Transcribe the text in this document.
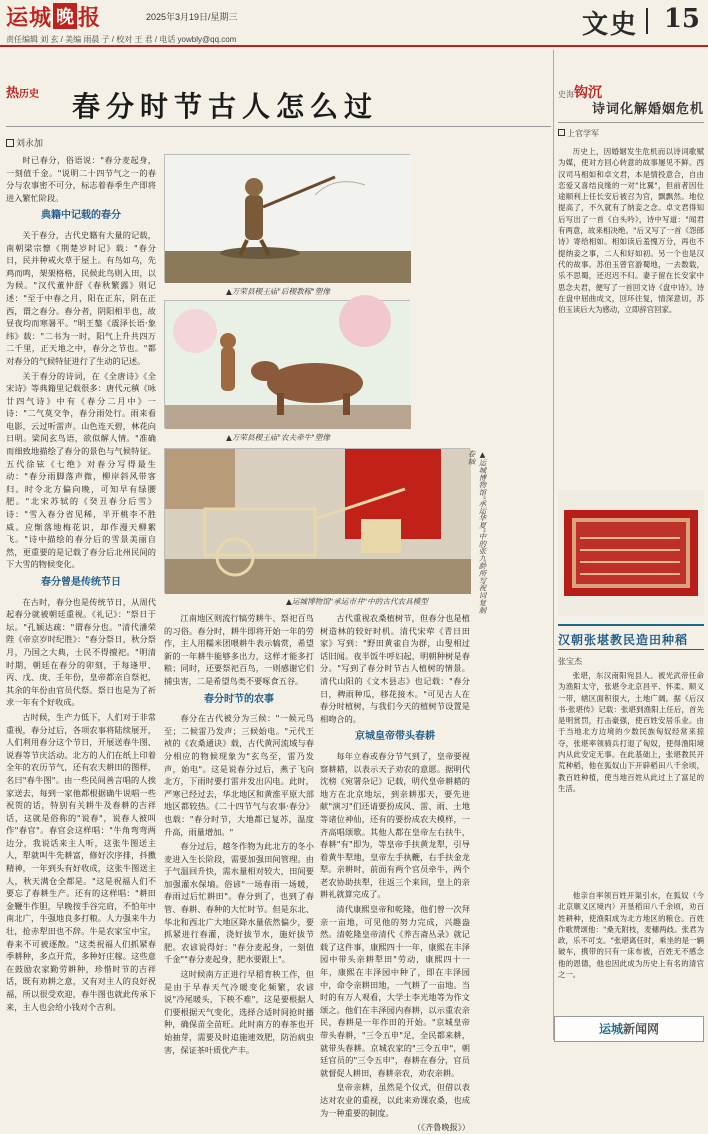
运城 晚 报	2025年3月19日/星期三	文史 15
责任编辑 刘 玄 / 美编 雨晨 子 / 校对 王 君 / 电话 yowbly@qq.com
热历史 春分时节古人怎么过
刘永加

时已春分，俗语说："春分麦起身，一刻值千金。"说明二十四节气之一的春分与农事密不可分，标志着春季生产即将进入繁忙阶段。

典籍中记载的春分

关于春分，古代史籍有大量的记载，南朝梁宗懔《荆楚岁时记》载："春分日，民并种戒火草于屋上。有鸟如乌，先鸡而鸣，架架格格，民候此鸟则入田，以为候。"汉代董仲舒《春秋繁露》则记述："至于中春之月，阳在正东，阴在正西，谓之春分。春分者，阴阳相半也，故昼夜均而寒暑平。"明王鏊《震泽长语·象纬》载："二书为一时，阳气上升共四万二千里，正天地之中，春分之节也。"都对春分的气候特征进行了生动的记述。

关于春分的诗词，在《全唐诗》《全宋诗》等典籍里记载很多：唐代元稹《咏廿四气诗》中有《春分二月中》一诗："二气莫交争，春分雨处行。雨来看电影，云过听雷声。山色连天碧，林花向日明。梁间玄鸟语，欲似解人情。"准确而细致地描绘了春分的景色与气候特征。五代徐铉《七绝》对春分写得最生动："春分雨脚落声微，柳岸斜风带客归。时令北方偏向晚，可知早有绿腰肥。"北宋苏轼的《癸丑春分后雪》诗："雪入春分省见稀，半开桃李不胜威。应惭落地梅花识，却作漫天柳絮飞。"诗中描绘的春分后的雪景美丽自然，更重要的是记载了春分后北州民间的下大雪的物候变化。

春分曾是传统节日

在古时，春分也是传统节日，从周代起春分就被朝廷重视。《礼记》："祭日于坛。"孔颖达疏："谓春分也。"清代潘荣陛《帝京岁时纪胜》："春分祭日，秋分祭月，乃国之大典，士民不得擅祀。"明清时期，朝廷在春分的卯刻，于每逢甲、丙、戊、庚、壬年份，皇帝都亲自祭祀，其余的年份由官员代祭。祭日也是为了祈求一年有个好收成。

古时候，生产力低下，人们对于非常重视，春分过后，各项农事将陆续展开，人们利用春分这个节日，开展送春牛图、说春等节庆活动。北方的人们在纸上印着全年的农历节气，还有农夫耕田的图样，名曰"春牛图"。由一些民间善言唱的人挨家送去，每到一家他都根据确牛说唱一些祝贺的话，特别有关耕牛及春耕的吉祥话，这就是俗称的"说春"，说春人被叫作"春官"。春官会这样唱："牛角弯弯两边分，我说话来主人听，这张牛图送主人，犁就叫牛先耕富，修好次序排，抖擞精神，一年到头有好收成，这张牛图送主人，秋天满仓全都是。"这是祝福人们不要忘了春耕生产。还有的这样唱："耕田金鞭牛作胆，早晚按手谷完肩，不怕年中南北广，牛强地良多打粮。人力强来牛力壮，抢赤犁田也不辞。牛是农家宝中宝，春来不可被逐散。"这类祝福人们抓紧春季耕种，多点开荒，多种好庄稼。这些意在鼓励农家勤劳耕种，珍惜时节的吉祥话，既有劝耕之意，又有对主人的良好祝福，所以很受欢迎，春牛图也就此传承下来，主人也会给小钱对个吉利。

▲万荣县稷王庙"后稷教稼"塑像
▲万荣县稷王庙"农夫牵牛"塑像
▲运城博物馆"承运市井"中的古代农具模型	▲运城博物馆"承运华夏"中的张九龄所写祝词复制卷轴

江南地区则流行犒劳耕牛、祭祀百鸟的习俗。春分时，耕牛即将开始一年的劳作，主人用糯米团喂耕牛表示犒赏，希望新的一年耕牛能够多出力，这样才能多打粮；同时，还要祭祀百鸟，一则感谢它们捕虫害，二是希望鸟类不要啄食五谷。

春分时节的农事

春分在古代被分为三候："一候元鸟至；二候雷乃发声；三候始电。"元代王祯的《农桑通诀》载，古代黄河流域与春分相应的物候现象为"玄鸟至，雷乃发声，始电"。这是说春分过后，燕子飞向北方，下雨时要打雷并发出闪电。此时，严寒已经过去，华北地区和黄淮平原大部地区都较热。《二十四节气与农事·春分》也载："春分时节，大地都已复苏，温度升高，雨量增加。"

春分过后，越冬作物为此北方的冬小麦进入生长阶段，需要加强田间管理。由于气温回升快，需水量相对较大，田间要加强灌水保墒。俗谚"一场春雨一场暖，春雨过后忙耕田"。春分到了，也到了春管、春耕、春种的大忙时节。但是东北、华北和西北广大地区降水量依然偏少，要抓紧进行春灌，浇好拔节水，施好拔节肥。农谚说得好："春分麦起身，一刻值千金""春分麦起身，肥水要跟上"。

这时候南方正进行早稻育秧工作，但是由于早春天气冷暖变化频繁，农谚说"冷尾暖头，下秧不难"，这是要根据人们要根据天气变化，选择合适时间抢时播种，确保苗全苗旺。此时南方的春茶也开始抽芽，需要及时追施速效肥，防治病虫害，保证茶叶质优产丰。

古代重视农桑植树节，但春分也是植树造林的较好时机。清代宋荦《青日田家》写到："野田黄雀自为群，山叟相过话旧闻。夜半饭牛呼妇起，明朝种树是春分。"写到了春分时节古人植树的情景。清代山阳的《文木县志》也记载："春分日，稗雨种瓜，移花接木。"可见古人在春分时植树，与我们今天的植树节设置是相吻合的。

京城皇帝带头春耕

每年立春或春分节气到了，皇帝要视察耕耤，以表示天子劝农的意愿。据明代沈榜《宛署杂记》记载，明代皇帝耕耤的地方在北京地坛，到亲耕那天，要先进献"演习"们还请要扮成风、雷、雨、土地等诸位神仙，还有的要扮成农夫模样，一齐高唱颂歌。其他人都在皇帝左右扶牛，春耕"有"即为，等皇帝手扶黄龙犁，引导着黄牛犁地，皇帝左手执鞭，右手扶金龙犁。亲耕时，前面有两个官员牵牛，两个老农协助扶犁，往返三个来回，皇上的亲耕礼就算完成了。

清代康熙皇帝和乾隆，他们曾一次拜亲一亩地，可见他的努力完成，兴趣盎然。清乾隆皇帝清代《养吉斋丛录》就记载了这件事，康熙四十一年，康熙在丰泽园中带头亲耕犁田"劳动，康熙四十一年，康熙在丰泽园中种了，即在丰泽园中，命令亲耕田地，一气耕了一亩地。当时的有万人观看，大学士李光地等为作文颂之。他们在丰泽园内春耕，以示重农亲民，春耕是一年作田的开始。"京城皇帝带头春耕，"三令五申"足，全民都来耕，就带头春耕。京城农家的"三令五申"，朝廷官员的"三令五申"，春耕在春分，官员就督促人耕田，春耕亲农，劝农亲耕。

皇帝亲耕，虽然是个仪式，但借以表达对农业的重视，以此来劝课农桑，也成为一种重要的制度。

（《齐鲁晚报》）

史海钩沉
诗词化解婚姻危机
上官学军

历史上，因婚姻发生危机而以诗词歌赋为媒，使对方回心转意的故事屡见不鲜。西汉司马相如和卓文君，本是情投意合，自由恋爱又喜结良缘的一对"比翼"，但前者因仕途顺利上任长安后被召为官，飘飘然。地位提高了，不久就有了纳妾之念。卓文君得知后写出了一首《白头吟》，诗中写道："闻君有两意，故来相决绝。"后又写了一首《怨郎诗》寄给相如。相如读后羞愧万分，再也不提纳妾之事，二人和好如初。另一个也是汉代的故事。苏伯玉曾官游蜀地，一去数载，乐不思蜀，还迟迟不归。妻子留在长安家中思念夫君，便写了一首回文诗《盘中诗》。诗在盘中屈曲成文，回环往复，情深意切，苏伯玉读后大为感动，立即辞官回家。

汉朝张堪教民造田种稻
张宝杰

张堪，东汉南阳宛县人。被光武帝任命为渔阳太守，张堪令北京昌平、怀柔、顺义一带，辖区面积很大，土地广阔。据《后汉书·张堪传》记载：张堪到渔阳上任后，首先是明赏罚，打击豪强，使百姓安居乐业。由于当地北方边境的少数民族匈奴经常来掠夺，张堪率领骑兵打退了匈奴，使得渔阳境内从此安定无事。在此基础上，张堪教民开荒种稻，他在狐奴山下开辟稻田八千余顷，教百姓种植，使当地百姓从此过上了富足的生活。

他亲自率领百姓开渠引水，在狐奴（今北京顺义区境内）开垦稻田八千余顷，劝百姓耕种，使渔阳成为北方地区的粮仓。百姓作歌赞颂他："桑无附枝，麦穗两歧。张君为政，乐不可支。"张堪离任时，乘坐的是一辆破车，携带的只有一床布被，百姓无不感念他的恩德，他也因此成为历史上有名的清官之一。

运城新闻网
